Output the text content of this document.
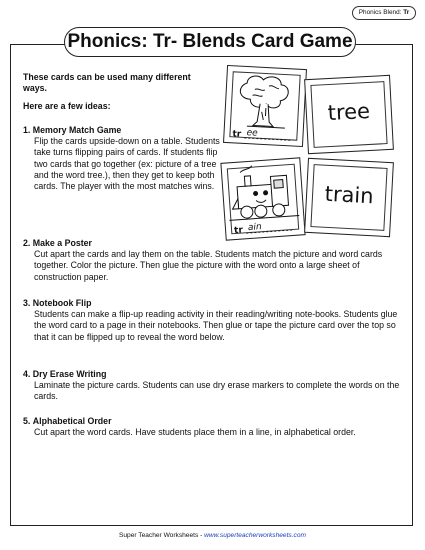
Phonics Blend: Tr
Phonics: Tr- Blends Card Game
These cards can be used many different ways.
Here are a few ideas:
1. Memory Match Game
Flip the cards upside-down on a table. Students take turns flipping pairs of cards. If students flip two cards that go together (ex: picture of a tree and the word tree.), then they get to keep both cards. The player with the most matches wins.
2. Make a Poster
Cut apart the cards and lay them on the table. Students match the picture and word cards together. Color the picture. Then glue the picture with the word onto a large sheet of construction paper.
3. Notebook Flip
Students can make a flip-up reading activity in their reading/writing note-books. Students glue the word card to a page in their notebooks. Then glue or tape the picture card over the top so that it can be flipped up to reveal the word below.
4. Dry Erase Writing
Laminate the picture cards. Students can use dry erase markers to complete the words on the cards.
5. Alphabetical Order
Cut apart the word cards. Have students place them in a line, in alphabetical order.
tr ee
tree
tr ain
train
Super Teacher Worksheets - www.superteacherworksheets.com
